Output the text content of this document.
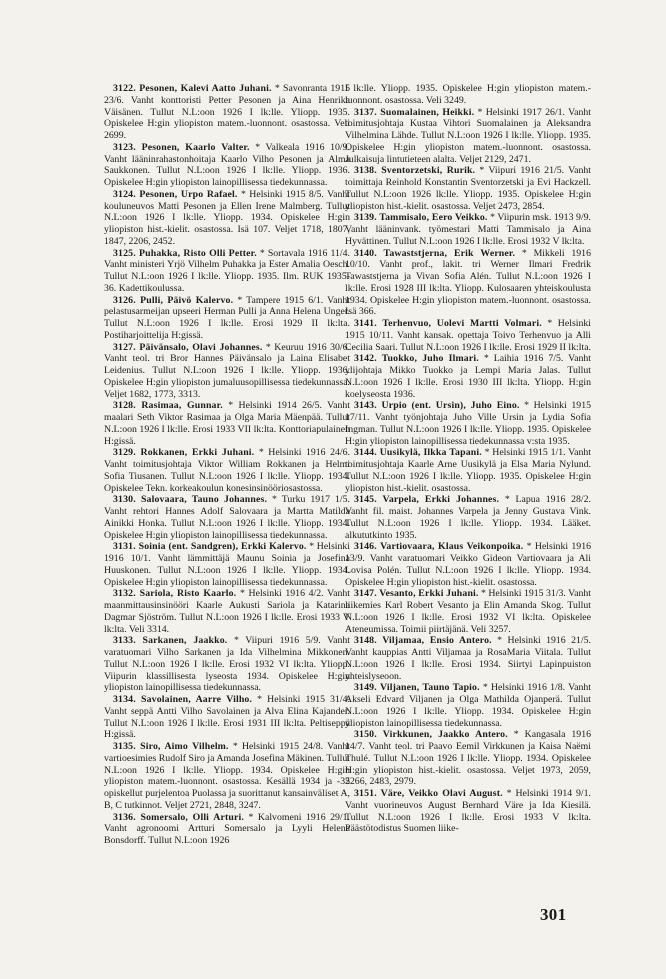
3122. Pesonen, Kalevi Aatto Juhani. * Savonranta 1915 23/6. Vanht konttoristi Petter Pesonen ja Aina Henrika Väisänen. Tullut N.L:oon 1926 I lk:lle. Yliopp. 1935. Opiskelee H:gin yliopiston matem.-luonnont. osastossa. Veli 2699.

3123. Pesonen, Kaarlo Valter. * Valkeala 1916 10/9. Vanht lääninrahastonhoitaja Kaarlo Vilho Pesonen ja Alma Saukkonen. Tullut N.L:oon 1926 I lk:lle. Yliopp. 1936. Opiskelee H:gin yliopiston lainopillisessa tiedekunnassa.

3124. Pesonen, Urpo Rafael. * Helsinki 1915 8/5. Vanht kouluneuvos Matti Pesonen ja Ellen Irene Malmberg. Tullut N.L:oon 1926 I lk:lle. Yliopp. 1934. Opiskelee H:gin yliopiston hist.-kielit. osastossa. Isä 107. Veljet 1718, 1807, 1847, 2206, 2452.

3125. Puhakka, Risto Olli Petter. * Sortavala 1916 11/4. Vanht ministeri Yrjö Vilhelm Puhakka ja Ester Amalia Oesch. Tullut N.L:oon 1926 I lk:lle. Yliopp. 1935. Ilm. RUK 1935-36. Kadettikoulussa.

3126. Pulli, Päivö Kalervo. * Tampere 1915 6/1. Vanht pelastusarmeijan upseeri Herman Pulli ja Anna Helena Unger. Tullut N.L:oon 1926 I lk:lle. Erosi 1929 II lk:lta. Postiharjoittelija H:gissä.

3127. Päivänsalo, Olavi Johannes. * Keuruu 1916 30/6. Vanht teol. tri Bror Hannes Päivänsalo ja Laina Elisabet Leidenius. Tullut N.L:oon 1926 I lk:lle. Yliopp. 1936. Opiskelee H:gin yliopiston jumaluusopillisessa tiedekunnassa. Veljet 1682, 1773, 3313.

3128. Rasimaa, Gunnar. * Helsinki 1914 26/5. Vanht maalari Seth Viktor Rasimaa ja Olga Maria Mäenpää. Tullut N.L:oon 1926 I lk:lle. Erosi 1933 VII lk:lta. Konttoriapulainen H:gissä.

3129. Rokkanen, Erkki Juhani. * Helsinki 1916 24/6. Vanht toimitusjohtaja Viktor William Rokkanen ja Helmi Sofia Tiusanen. Tullut N.L:oon 1926 I lk:lle. Yliopp. 1934. Opiskelee Tekn. korkeakoulun konesinsinööriosastossa.

3130. Salovaara, Tauno Johannes. * Turku 1917 1/5. Vanht rehtori Hannes Adolf Salovaara ja Martta Matilda Ainikki Honka. Tullut N.L:oon 1926 I lk:lle. Yliopp. 1934. Opiskelee H:gin yliopiston lainopillisessa tiedekunnassa.

3131. Soinia (ent. Sandgren), Erkki Kalervo. * Helsinki 1916 10/1. Vanht lämmittäjä Maunu Soinia ja Josefina Huuskonen. Tullut N.L:oon 1926 I lk:lle. Yliopp. 1934. Opiskelee H:gin yliopiston lainopillisessa tiedekunnassa.

3132. Sariola, Risto Kaarlo. * Helsinki 1916 4/2. Vanht maanmittausinsinööri Kaarle Aukusti Sariola ja Katarina Dagmar Sjöström. Tullut N.L:oon 1926 I lk:lle. Erosi 1933 V lk:lta. Veli 3314.

3133. Sarkanen, Jaakko. * Viipuri 1916 5/9. Vanht varatuomari Vilho Sarkanen ja Ida Vilhelmina Mikkonen. Tullut N.L:oon 1926 I lk:lle. Erosi 1932 VI lk:lta. Yliopp. Viipurin klassillisesta lyseosta 1934. Opiskelee H:gin yliopiston lainopillisessa tiedekunnassa.

3134. Savolainen, Aarre Vilho. * Helsinki 1915 31/4. Vanht seppä Antti Vilho Savolainen ja Alva Elina Kajander. Tullut N.L:oon 1926 I lk:lle. Erosi 1931 III lk:lta. Peltiseppä H:gissä.

3135. Siro, Aimo Vilhelm. * Helsinki 1915 24/8. Vanht vartioesimies Rudolf Siro ja Amanda Josefina Mäkinen. Tullut N.L:oon 1926 I lk:lle. Yliopp. 1934. Opiskelee H:gin yliopiston matem.-luonnont. osastossa. Kesällä 1934 ja -35 opiskellut purjelentoa Puolassa ja suorittanut kansainväliset A, B, C tutkinnot. Veljet 2721, 2848, 3247.

3136. Somersalo, Olli Arturi. * Kalvomeni 1916 29/1. Vanht agronoomi Artturi Somersalo ja Lyyli Helena Bonsdorff. Tullut N.L:oon 1926

I lk:lle. Yliopp. 1935. Opiskelee H:gin yliopiston matem.-luonnont. osastossa. Veli 3249.

3137. Suomalainen, Heikki. * Helsinki 1917 26/1. Vanht toimitusjohtaja Kustaa Vihtori Suomalainen ja Aleksandra Vilhelmina Lähde. Tullut N.L:oon 1926 I lk:lle. Yliopp. 1935. Opiskelee H:gin yliopiston matem.-luonnont. osastossa. Julkaisuja lintutieteen alalta. Veljet 2129, 2471.

3138. Sventorzetski, Rurik. * Viipuri 1916 21/5. Vanht toimittaja Reinhold Konstantin Sventorzetski ja Evi Hackzell. Tullut N.L:oon 1926 lk:lle. Yliopp. 1935. Opiskelee H:gin yliopiston hist.-kielit. osastossa. Veljet 2473, 2854.

3139. Tammisalo, Eero Veikko. * Viipurin msk. 1913 9/9. Vanht lääninvank. työmestari Matti Tammisalo ja Aina Hyvättinen. Tullut N.L:oon 1926 I lk:lle. Erosi 1932 V lk:lta.

3140. Tawaststjerna, Erik Werner. * Mikkeli 1916 10/10. Vanht prof., lakit. tri Werner Ilmari Fredrik Tawaststjerna ja Vivan Sofia Alén. Tullut N.L:oon 1926 I lk:lle. Erosi 1928 III lk:lta. Yliopp. Kulosaaren yhteiskoulusta 1934. Opiskelee H:gin yliopiston matem.-luonnont. osastossa. Isä 366.

3141. Terhenvuo, Uolevi Martti Volmari. * Helsinki 1915 10/11. Vanht kansak. opettaja Toivo Terhenvuo ja Alli Cecilia Saari. Tullut N.L:oon 1926 I lk:lle. Erosi 1929 II lk:lta.

3142. Tuokko, Juho Ilmari. * Laihia 1916 7/5. Vanht ylijohtaja Mikko Tuokko ja Lempi Maria Jalas. Tullut N.L:oon 1926 I lk:lle. Erosi 1930 III lk:lta. Yliopp. H:gin koelyseosta 1936.

3143. Urpio (ent. Ursin), Juho Eino. * Helsinki 1915 17/11. Vanht työnjohtaja Juho Ville Ursin ja Lydia Sofia Ingman. Tullut N.L:oon 1926 I lk:lle. Yliopp. 1935. Opiskelee H:gin yliopiston lainopillisessa tiedekunnassa v:sta 1935.

3144. Uusikylä, Ilkka Tapani. * Helsinki 1915 1/1. Vanht toimitusjohtaja Kaarle Arne Uusikylä ja Elsa Maria Nylund. Tullut N.L:oon 1926 I lk:lle. Yliopp. 1935. Opiskelee H:gin yliopiston hist.-kielit. osastossa.

3145. Varpela, Erkki Johannes. * Lapua 1916 28/2. Vanht fil. maist. Johannes Varpela ja Jenny Gustava Vink. Tullut N.L:oon 1926 I lk:lle. Yliopp. 1934. Lääket. alkututkinto 1935.

3146. Vartiovaara, Klaus Veikonpoika. * Helsinki 1916 13/9. Vanht varatuomari Veikko Gideon Vartiovaara ja Ali Lovisa Polén. Tullut N.L:oon 1926 I lk:lle. Yliopp. 1934. Opiskelee H:gin yliopiston hist.-kielit. osastossa.

3147. Vesanto, Erkki Juhani. * Helsinki 1915 31/3. Vanht liikemies Karl Robert Vesanto ja Elin Amanda Skog. Tullut N.L:oon 1926 I lk:lle. Erosi 1932 VI lk:lta. Opiskelee Ateneumissa. Toimii piirtäjänä. Veli 3257.

3148. Viljamaa, Ensio Antero. * Helsinki 1916 21/5. Vanht kauppias Antti Viljamaa ja RosaMaria Viitala. Tullut N.L:oon 1926 I lk:lle. Erosi 1934. Siirtyi Lapinpuiston yhteislyseoon.

3149. Viljanen, Tauno Tapio. * Helsinki 1916 1/8. Vanht Akseli Edvard Viljanen ja Olga Mathilda Ojanperä. Tullut N.L:oon 1926 I lk:lle. Yliopp. 1934. Opiskelee H:gin yliopiston lainopillisessa tiedekunnassa.

3150. Virkkunen, Jaakko Antero. * Kangasala 1916 14/7. Vanht teol. tri Paavo Eemil Virkkunen ja Kaisa Naëmi Thulé. Tullut N.L:oon 1926 I lk:lle. Yliopp. 1934. Opiskelee H:gin yliopiston hist.-kielit. osastossa. Veljet 1973, 2059, 2266, 2483, 2979.

3151. Väre, Veikko Olavi August. * Helsinki 1914 9/1. Vanht vuorineuvos August Bernhard Väre ja Ida Kiesilä. Tullut N.L:oon 1926 I lk:lle. Erosi 1933 V lk:lta. Päästötodistus Suomen liike-

301
